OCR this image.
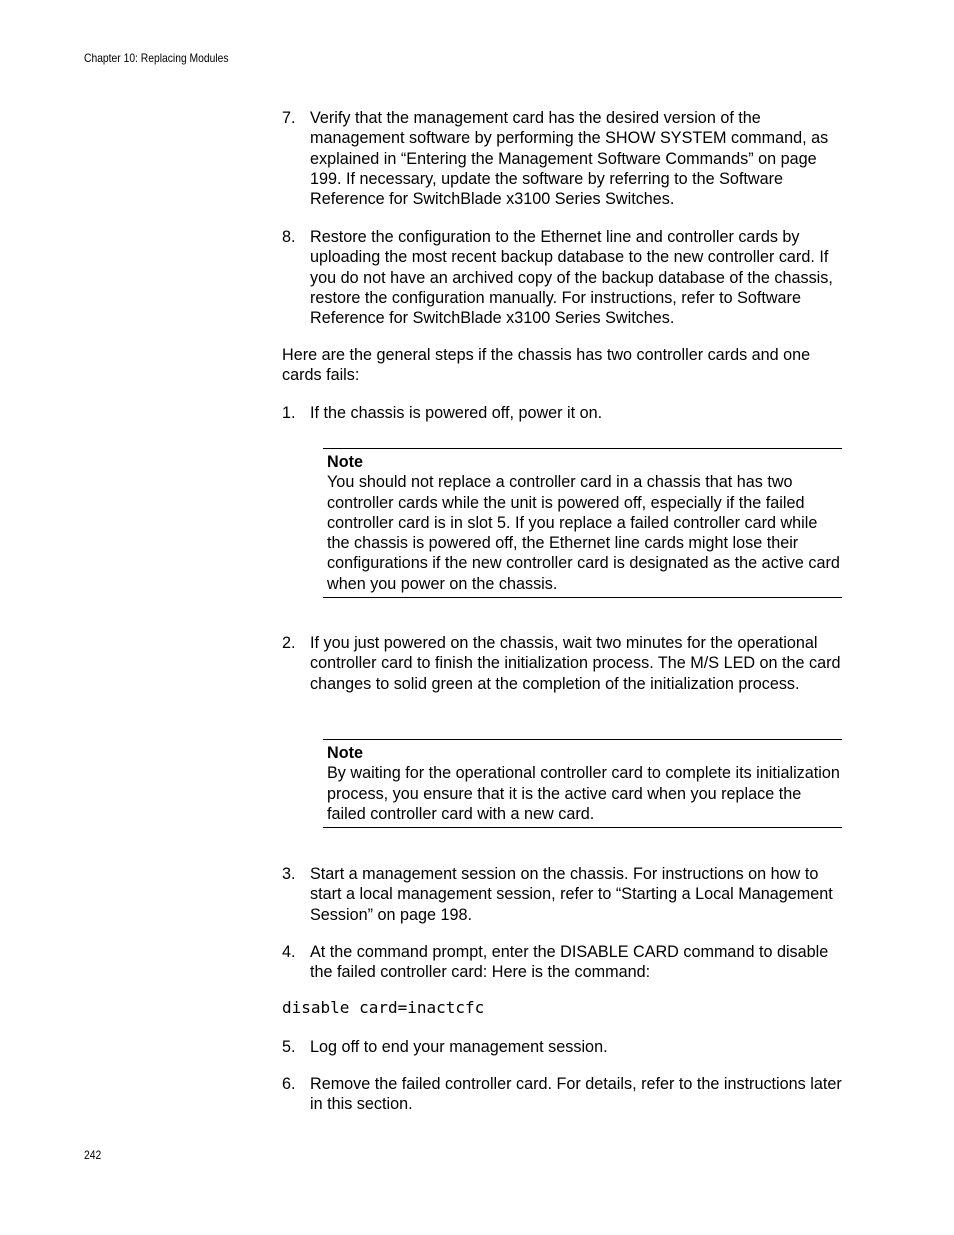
Chapter 10: Replacing Modules
7. Verify that the management card has the desired version of the management software by performing the SHOW SYSTEM command, as explained in “Entering the Management Software Commands” on page 199. If necessary, update the software by referring to the Software Reference for SwitchBlade x3100 Series Switches.
8. Restore the configuration to the Ethernet line and controller cards by uploading the most recent backup database to the new controller card. If you do not have an archived copy of the backup database of the chassis, restore the configuration manually. For instructions, refer to Software Reference for SwitchBlade x3100 Series Switches.
Here are the general steps if the chassis has two controller cards and one cards fails:
1. If the chassis is powered off, power it on.
Note
You should not replace a controller card in a chassis that has two controller cards while the unit is powered off, especially if the failed controller card is in slot 5. If you replace a failed controller card while the chassis is powered off, the Ethernet line cards might lose their configurations if the new controller card is designated as the active card when you power on the chassis.
2. If you just powered on the chassis, wait two minutes for the operational controller card to finish the initialization process. The M/S LED on the card changes to solid green at the completion of the initialization process.
Note
By waiting for the operational controller card to complete its initialization process, you ensure that it is the active card when you replace the failed controller card with a new card.
3. Start a management session on the chassis. For instructions on how to start a local management session, refer to “Starting a Local Management Session” on page 198.
4. At the command prompt, enter the DISABLE CARD command to disable the failed controller card: Here is the command:
disable card=inactcfc
5. Log off to end your management session.
6. Remove the failed controller card. For details, refer to the instructions later in this section.
242
